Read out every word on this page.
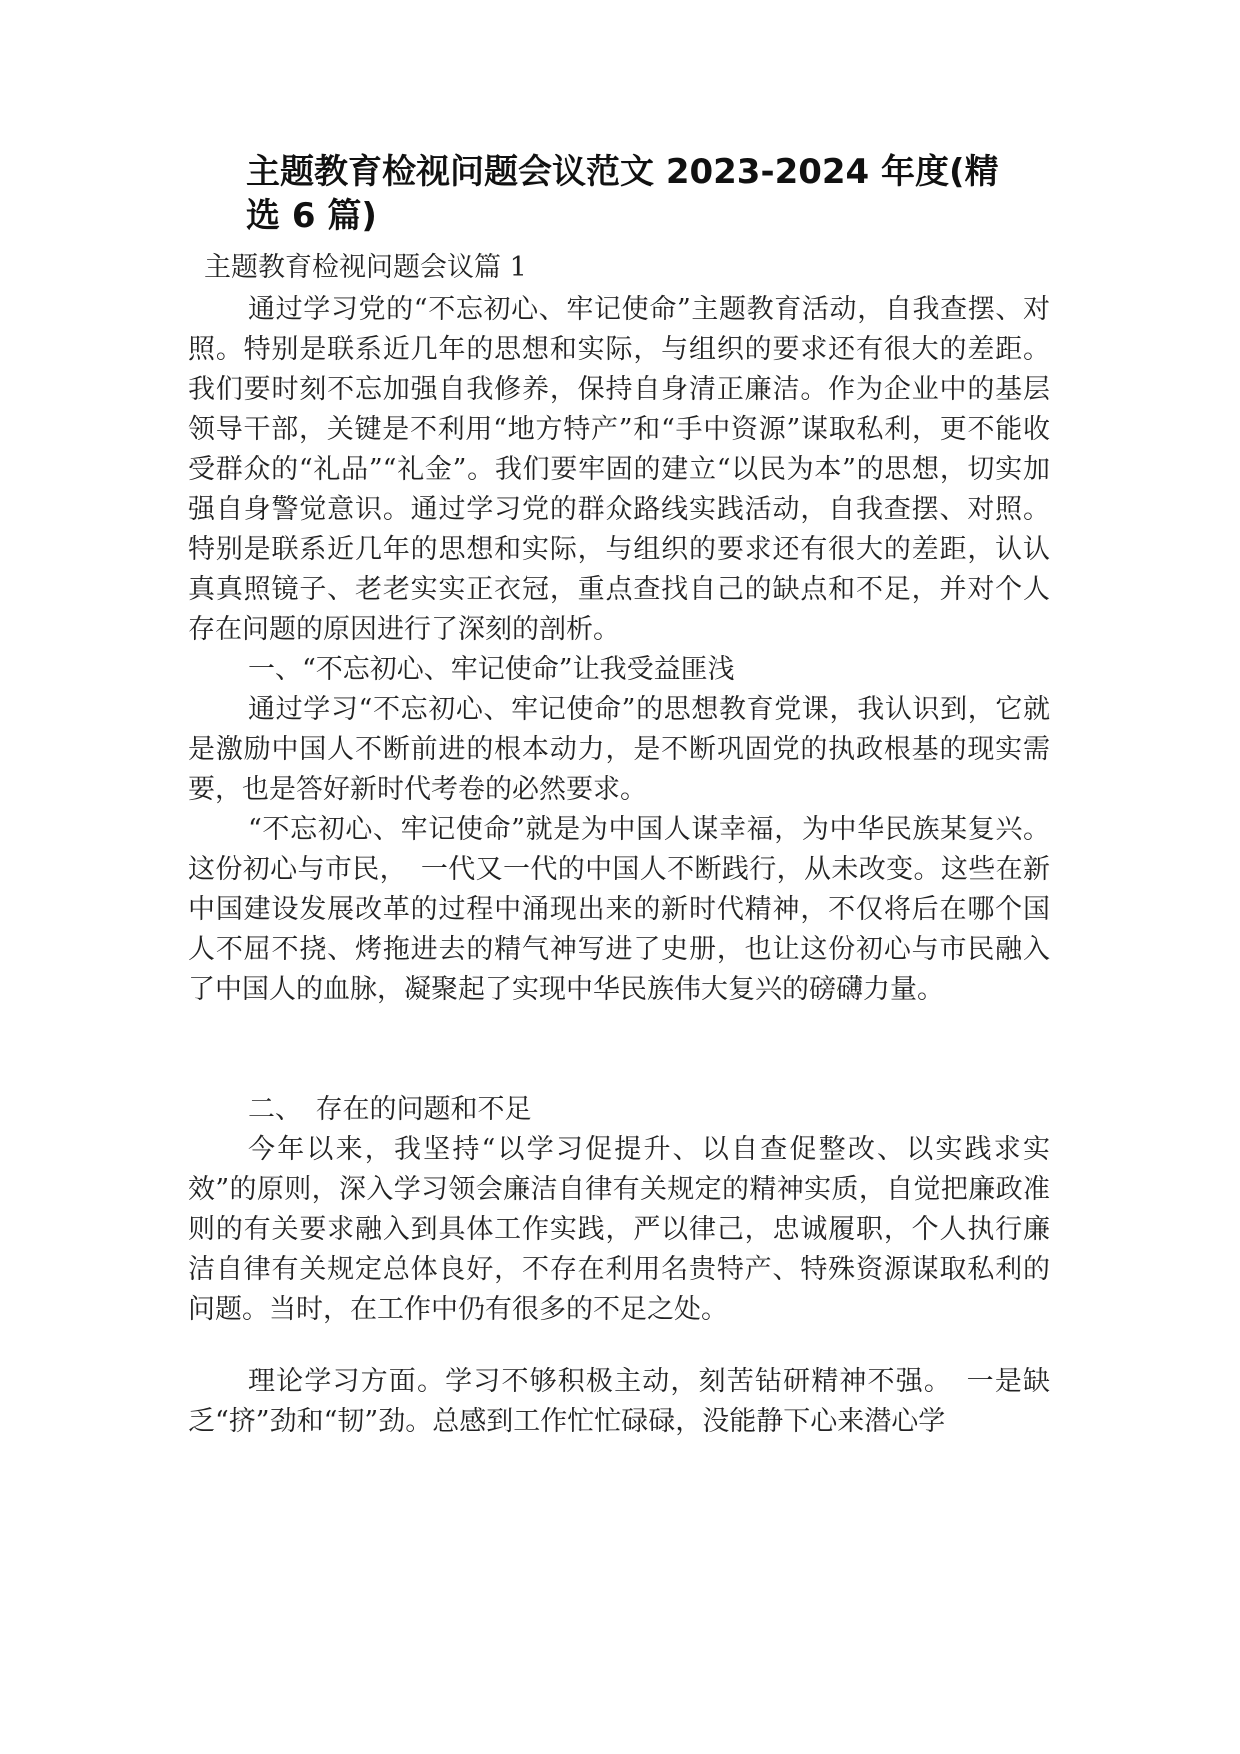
主题教育检视问题会议范文 2023-2024 年度(精选 6 篇)

主题教育检视问题会议篇 1

通过学习党的“不忘初心、牢记使命”主题教育活动，自我查摆、对照。特别是联系近几年的思想和实际，与组织的要求还有很大的差距。我们要时刻不忘加强自我修养，保持自身清正廉洁。作为企业中的基层领导干部，关键是不利用“地方特产”和“手中资源”谋取私利，更不能收受群众的“礼品”“礼金”。我们要牢固的建立“以民为本”的思想，切实加强自身警觉意识。通过学习党的群众路线实践活动，自我查摆、对照。特别是联系近几年的思想和实际，与组织的要求还有很大的差距，认认真真照镜子、老老实实正衣冠，重点查找自己的缺点和不足，并对个人存在问题的原因进行了深刻的剖析。

一、“不忘初心、牢记使命”让我受益匪浅

通过学习“不忘初心、牢记使命”的思想教育党课，我认识到，它就是激励中国人不断前进的根本动力，是不断巩固党的执政根基的现实需要，也是答好新时代考卷的必然要求。

“不忘初心、牢记使命”就是为中国人谋幸福，为中华民族某复兴。这份初心与市民，　一代又一代的中国人不断践行，从未改变。这些在新中国建设发展改革的过程中涌现出来的新时代精神，不仅将后在哪个国人不屈不挠、烤拖进去的精气神写进了史册，也让这份初心与市民融入了中国人的血脉，凝聚起了实现中华民族伟大复兴的磅礴力量。

二、　存在的问题和不足

今年以来，我坚持“以学习促提升、以自查促整改、以实践求实效”的原则，深入学习领会廉洁自律有关规定的精神实质，自觉把廉政准则的有关要求融入到具体工作实践，严以律己，忠诚履职，个人执行廉洁自律有关规定总体良好，不存在利用名贵特产、特殊资源谋取私利的问题。当时，在工作中仍有很多的不足之处。

理论学习方面。学习不够积极主动，刻苦钻研精神不强。　一是缺乏“挤”劲和“韧”劲。总感到工作忙忙碌碌，没能静下心来潜心学
